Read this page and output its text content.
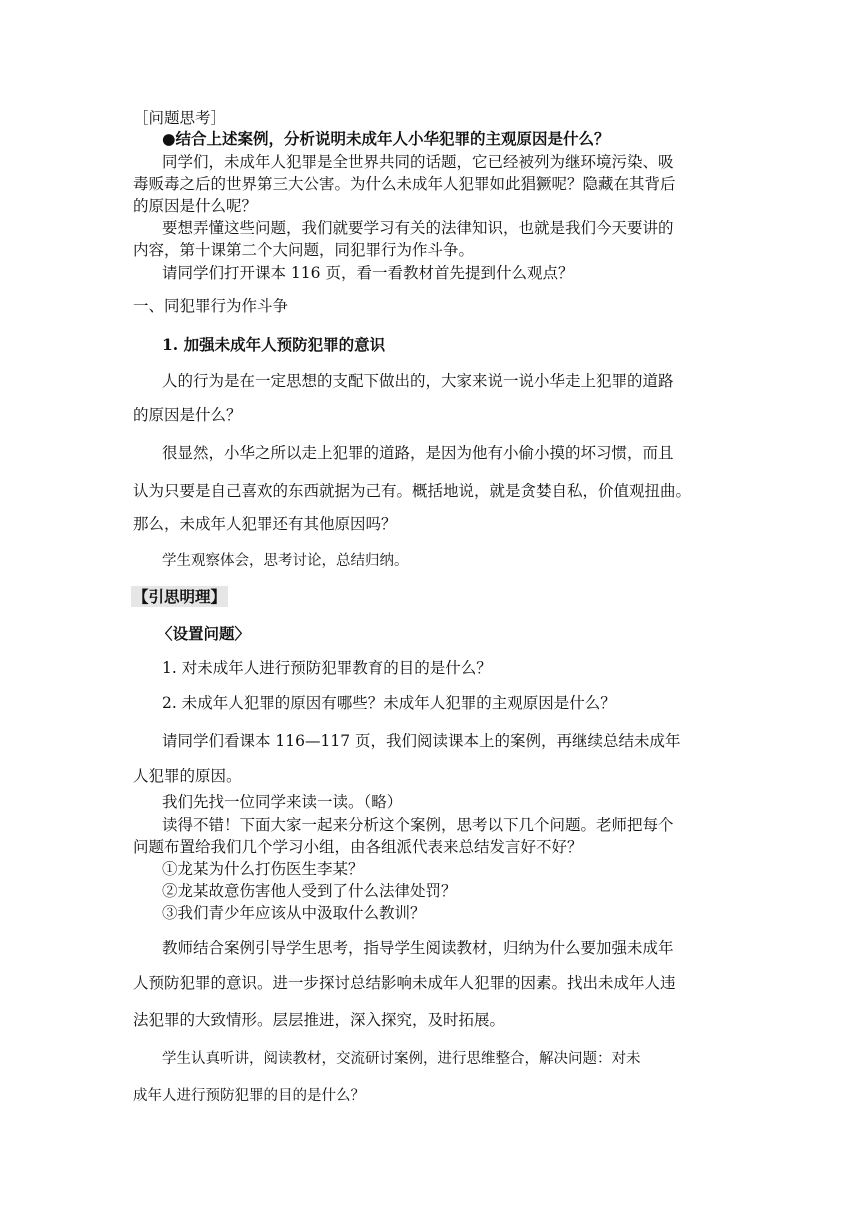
［问题思考］
●结合上述案例，分析说明未成年人小华犯罪的主观原因是什么？
同学们，未成年人犯罪是全世界共同的话题，它已经被列为继环境污染、吸
毒贩毒之后的世界第三大公害。为什么未成年人犯罪如此猖獗呢？隐藏在其背后
的原因是什么呢？
要想弄懂这些问题，我们就要学习有关的法律知识，也就是我们今天要讲的
内容，第十课第二个大问题，同犯罪行为作斗争。
请同学们打开课本 116 页，看一看教材首先提到什么观点？
一、同犯罪行为作斗争
1. 加强未成年人预防犯罪的意识
人的行为是在一定思想的支配下做出的，大家来说一说小华走上犯罪的道路
的原因是什么？
很显然，小华之所以走上犯罪的道路，是因为他有小偷小摸的坏习惯，而且
认为只要是自己喜欢的东西就据为己有。概括地说，就是贪婪自私，价值观扭曲。
那么，未成年人犯罪还有其他原因吗？
学生观察体会，思考讨论，总结归纳。
【引思明理】
〈设置问题〉
1. 对未成年人进行预防犯罪教育的目的是什么？
2. 未成年人犯罪的原因有哪些？未成年人犯罪的主观原因是什么？
请同学们看课本 116—117 页，我们阅读课本上的案例，再继续总结未成年
人犯罪的原因。
我们先找一位同学来读一读。（略）
读得不错！下面大家一起来分析这个案例，思考以下几个问题。老师把每个
问题布置给我们几个学习小组，由各组派代表来总结发言好不好？
①龙某为什么打伤医生李某？
②龙某故意伤害他人受到了什么法律处罚？
③我们青少年应该从中汲取什么教训？
教师结合案例引导学生思考，指导学生阅读教材，归纳为什么要加强未成年
人预防犯罪的意识。进一步探讨总结影响未成年人犯罪的因素。找出未成年人违
法犯罪的大致情形。层层推进，深入探究，及时拓展。
学生认真听讲，阅读教材，交流研讨案例，进行思维整合，解决问题：对未
成年人进行预防犯罪的目的是什么？
